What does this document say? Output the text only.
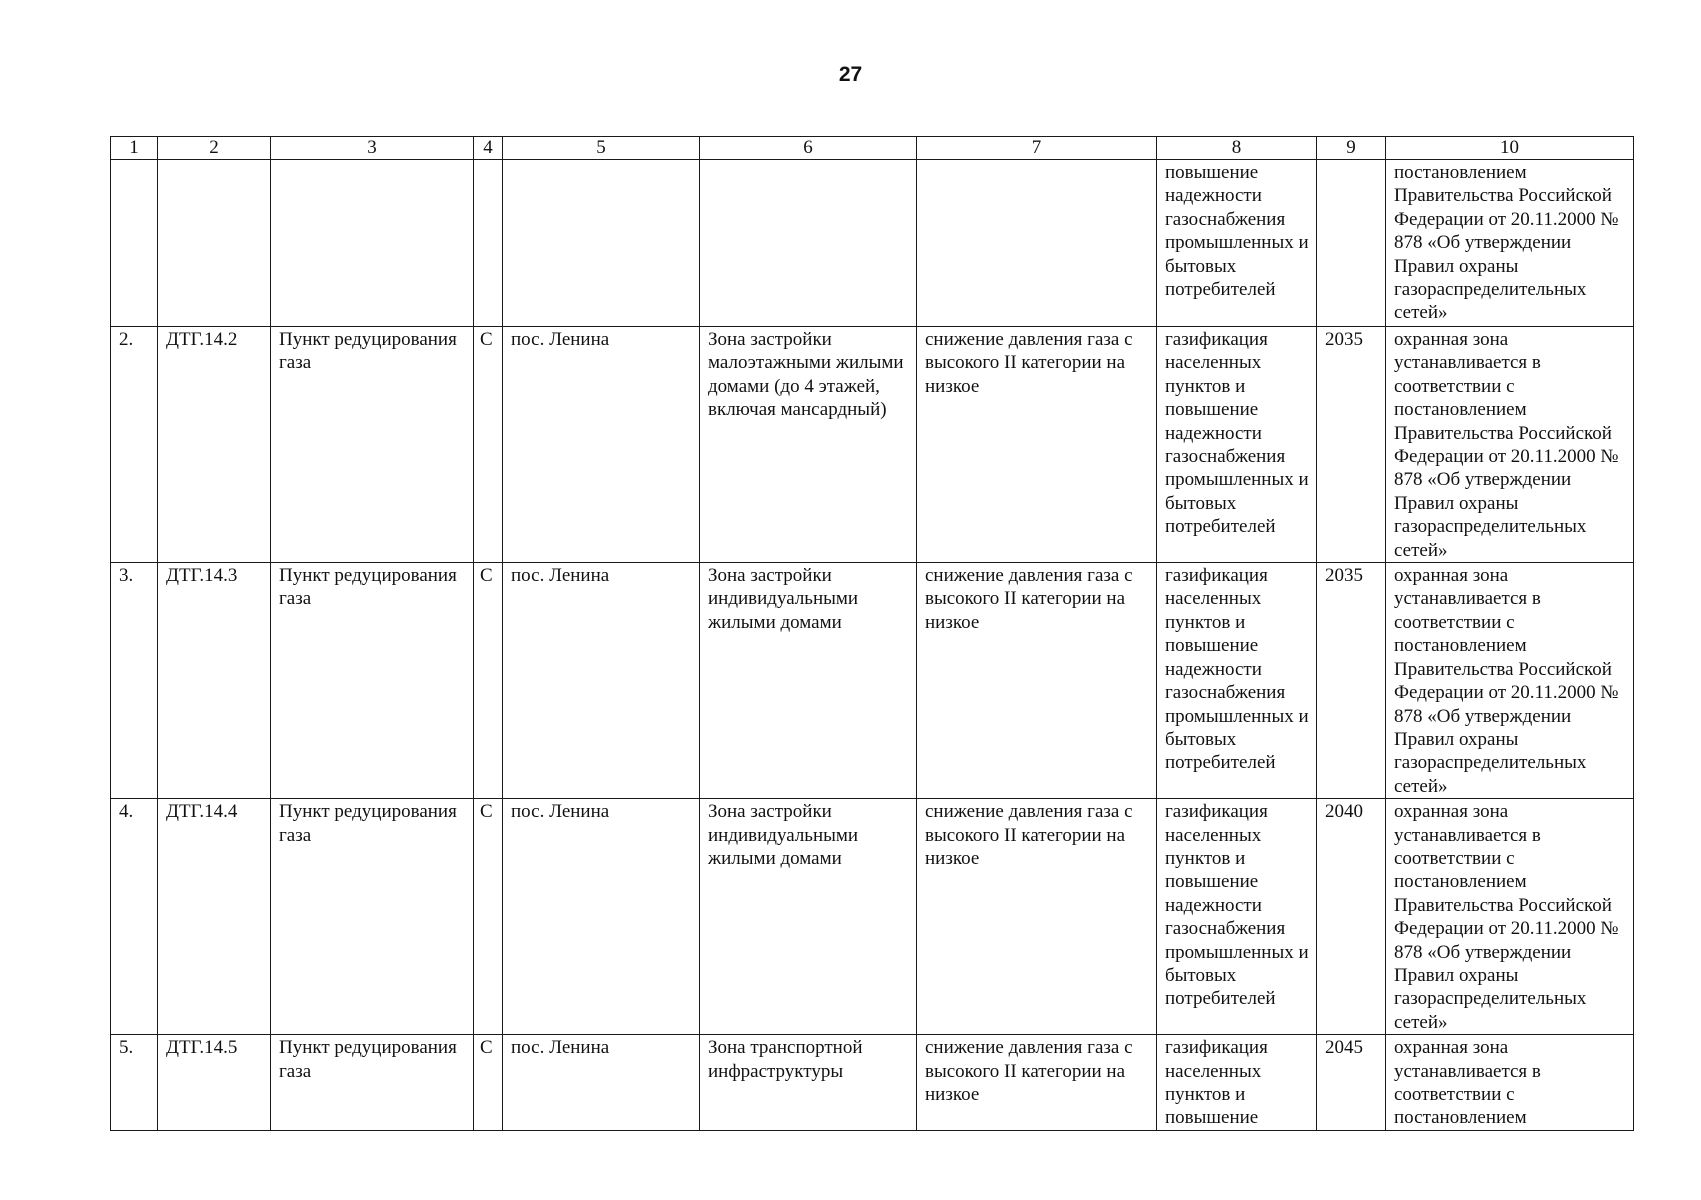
27
1	2	3	4	5	6	7	8	9	10
							повышение надежности газоснабжения промышленных и бытовых потребителей		постановлением Правительства Российской Федерации от 20.11.2000 № 878 «Об утверждении Правил охраны газораспределительных сетей»
2.	ДТГ.14.2	Пункт редуцирования газа	С	пос. Ленина	Зона застройки малоэтажными жилыми домами (до 4 этажей, включая мансардный)	снижение давления газа с высокого II категории на низкое	газификация населенных пунктов и повышение надежности газоснабжения промышленных и бытовых потребителей	2035	охранная зона устанавливается в соответствии с постановлением Правительства Российской Федерации от 20.11.2000 № 878 «Об утверждении Правил охраны газораспределительных сетей»
3.	ДТГ.14.3	Пункт редуцирования газа	С	пос. Ленина	Зона застройки индивидуальными жилыми домами	снижение давления газа с высокого II категории на низкое	газификация населенных пунктов и повышение надежности газоснабжения промышленных и бытовых потребителей	2035	охранная зона устанавливается в соответствии с постановлением Правительства Российской Федерации от 20.11.2000 № 878 «Об утверждении Правил охраны газораспределительных сетей»
4.	ДТГ.14.4	Пункт редуцирования газа	С	пос. Ленина	Зона застройки индивидуальными жилыми домами	снижение давления газа с высокого II категории на низкое	газификация населенных пунктов и повышение надежности газоснабжения промышленных и бытовых потребителей	2040	охранная зона устанавливается в соответствии с постановлением Правительства Российской Федерации от 20.11.2000 № 878 «Об утверждении Правил охраны газораспределительных сетей»
5.	ДТГ.14.5	Пункт редуцирования газа	С	пос. Ленина	Зона транспортной инфраструктуры	снижение давления газа с высокого II категории на низкое	газификация населенных пунктов и повышение	2045	охранная зона устанавливается в соответствии с постановлением
